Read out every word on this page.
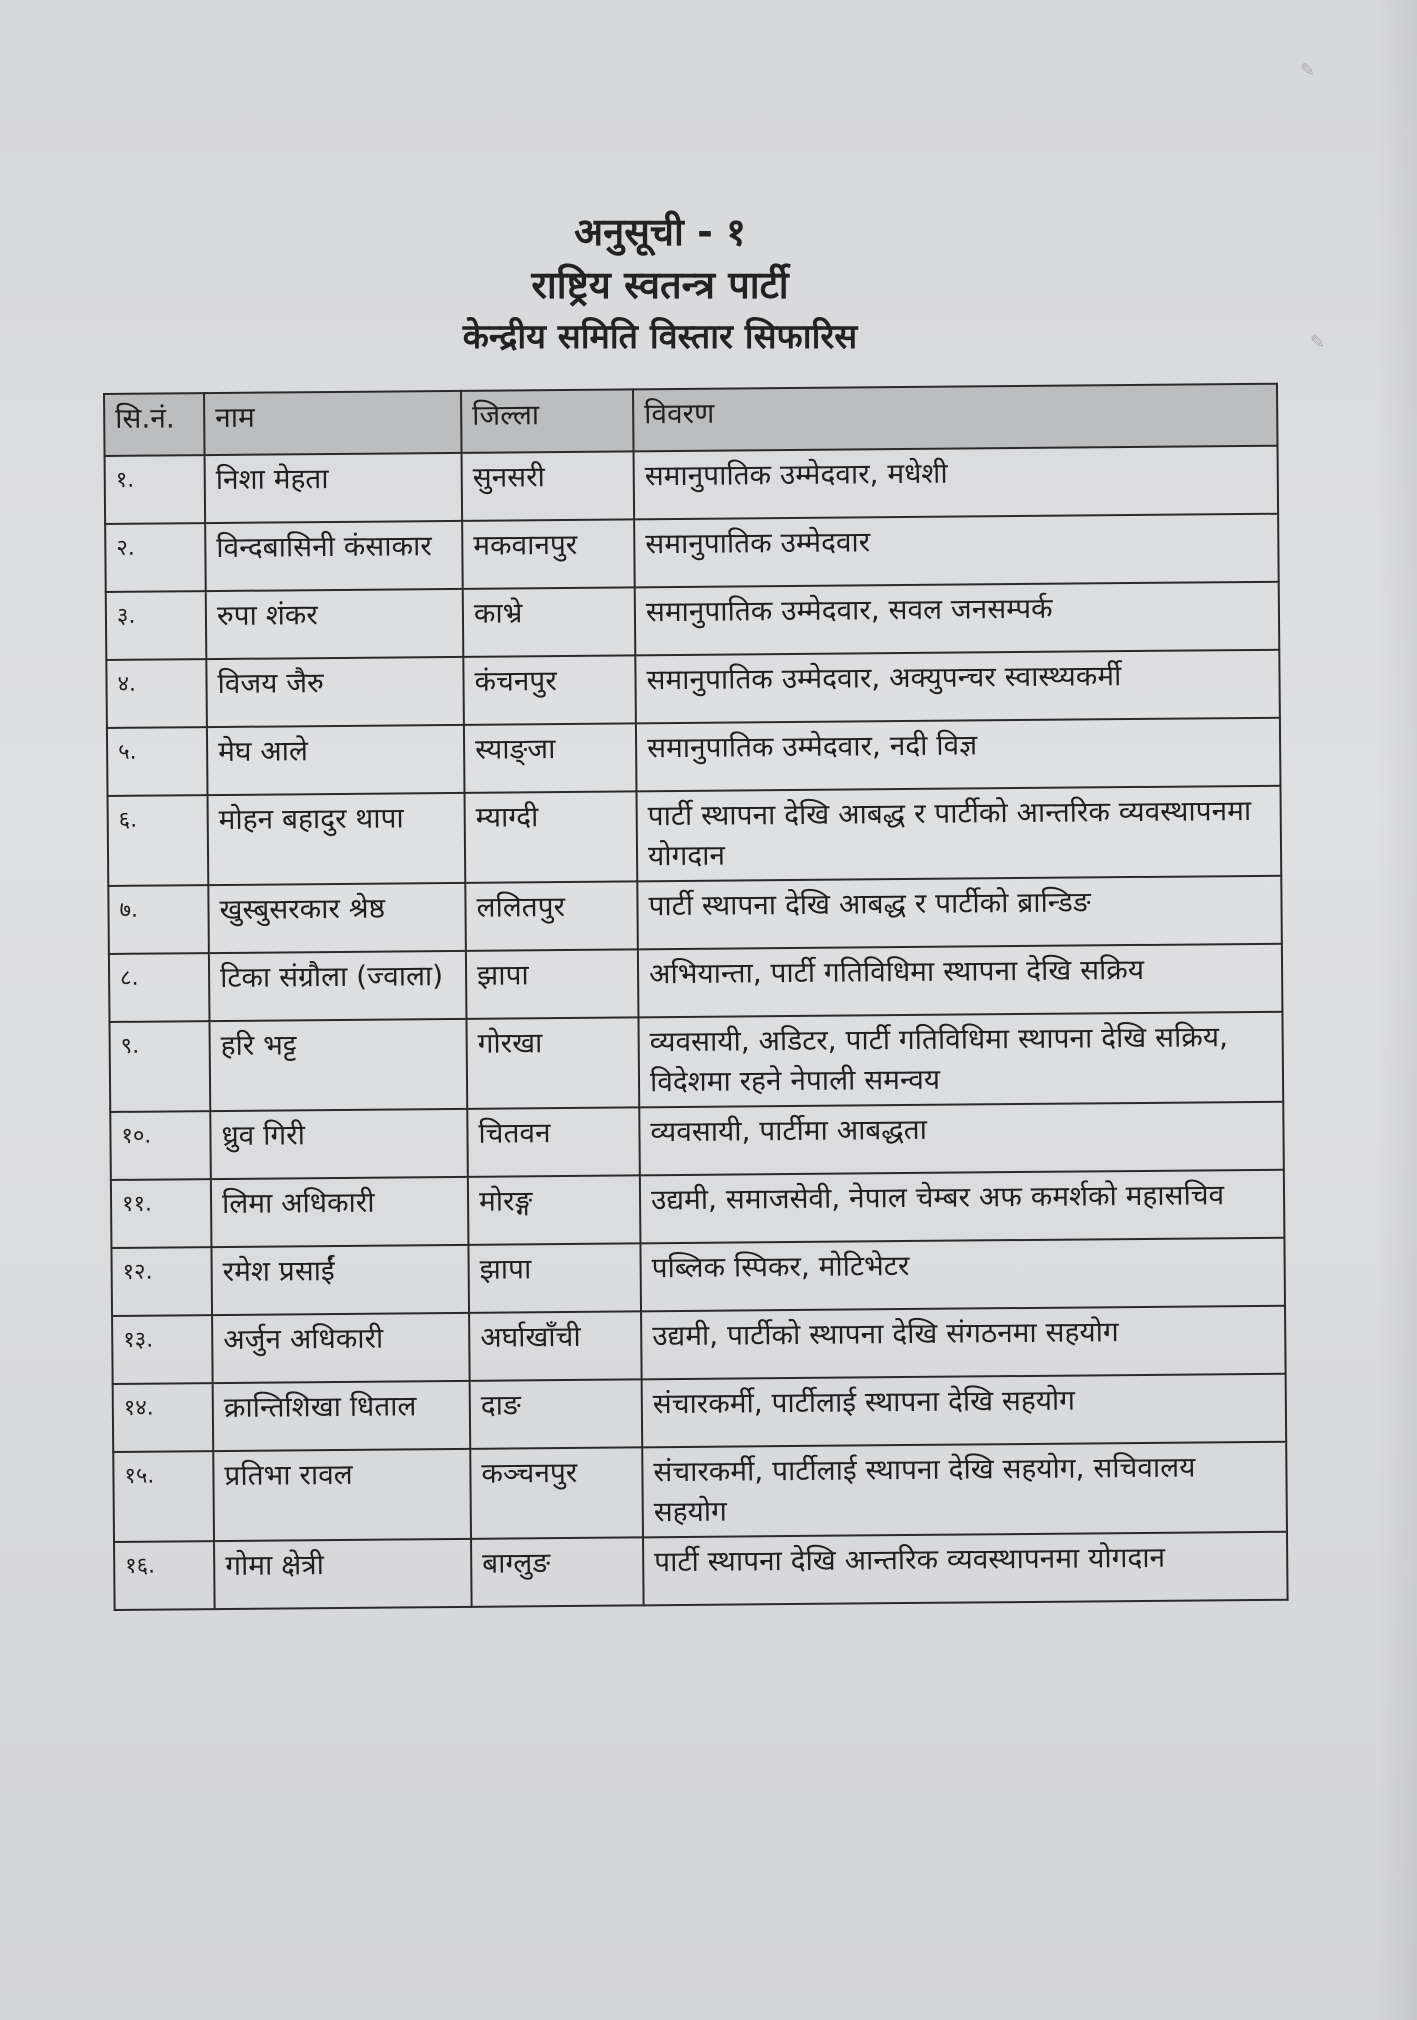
✎
✎
अनुसूची - १
राष्ट्रिय स्वतन्त्र पार्टी
केन्द्रीय समिति विस्तार सिफारिस
सि.नं.	नाम	जिल्ला	विवरण
१.	निशा मेहता	सुनसरी	समानुपातिक उम्मेदवार, मधेशी
२.	विन्दबासिनी कंसाकार	मकवानपुर	समानुपातिक उम्मेदवार
३.	रुपा शंकर	काभ्रे	समानुपातिक उम्मेदवार, सवल जनसम्पर्क
४.	विजय जैरु	कंचनपुर	समानुपातिक उम्मेदवार, अक्युपन्चर स्वास्थ्यकर्मी
५.	मेघ आले	स्याङ्जा	समानुपातिक उम्मेदवार, नदी विज्ञ
६.	मोहन बहादुर थापा	म्याग्दी	पार्टी स्थापना देखि आबद्ध र पार्टीको आन्तरिक व्यवस्थापनमा योगदान
७.	खुस्बुसरकार श्रेष्ठ	ललितपुर	पार्टी स्थापना देखि आबद्ध र पार्टीको ब्रान्डिङ
८.	टिका संग्रौला (ज्वाला)	झापा	अभियान्ता, पार्टी गतिविधिमा स्थापना देखि सक्रिय
९.	हरि भट्ट	गोरखा	व्यवसायी, अडिटर, पार्टी गतिविधिमा स्थापना देखि सक्रिय, विदेशमा रहने नेपाली समन्वय
१०.	ध्रुव गिरी	चितवन	व्यवसायी, पार्टीमा आबद्धता
११.	लिमा अधिकारी	मोरङ्ग	उद्यमी, समाजसेवी, नेपाल चेम्बर अफ कमर्शको महासचिव
१२.	रमेश प्रसाईं	झापा	पब्लिक स्पिकर, मोटिभेटर
१३.	अर्जुन अधिकारी	अर्घाखाँची	उद्यमी, पार्टीको स्थापना देखि संगठनमा सहयोग
१४.	क्रान्तिशिखा धिताल	दाङ	संचारकर्मी, पार्टीलाई स्थापना देखि सहयोग
१५.	प्रतिभा रावल	कञ्चनपुर	संचारकर्मी, पार्टीलाई स्थापना देखि सहयोग, सचिवालय सहयोग
१६.	गोमा क्षेत्री	बाग्लुङ	पार्टी स्थापना देखि आन्तरिक व्यवस्थापनमा योगदान
